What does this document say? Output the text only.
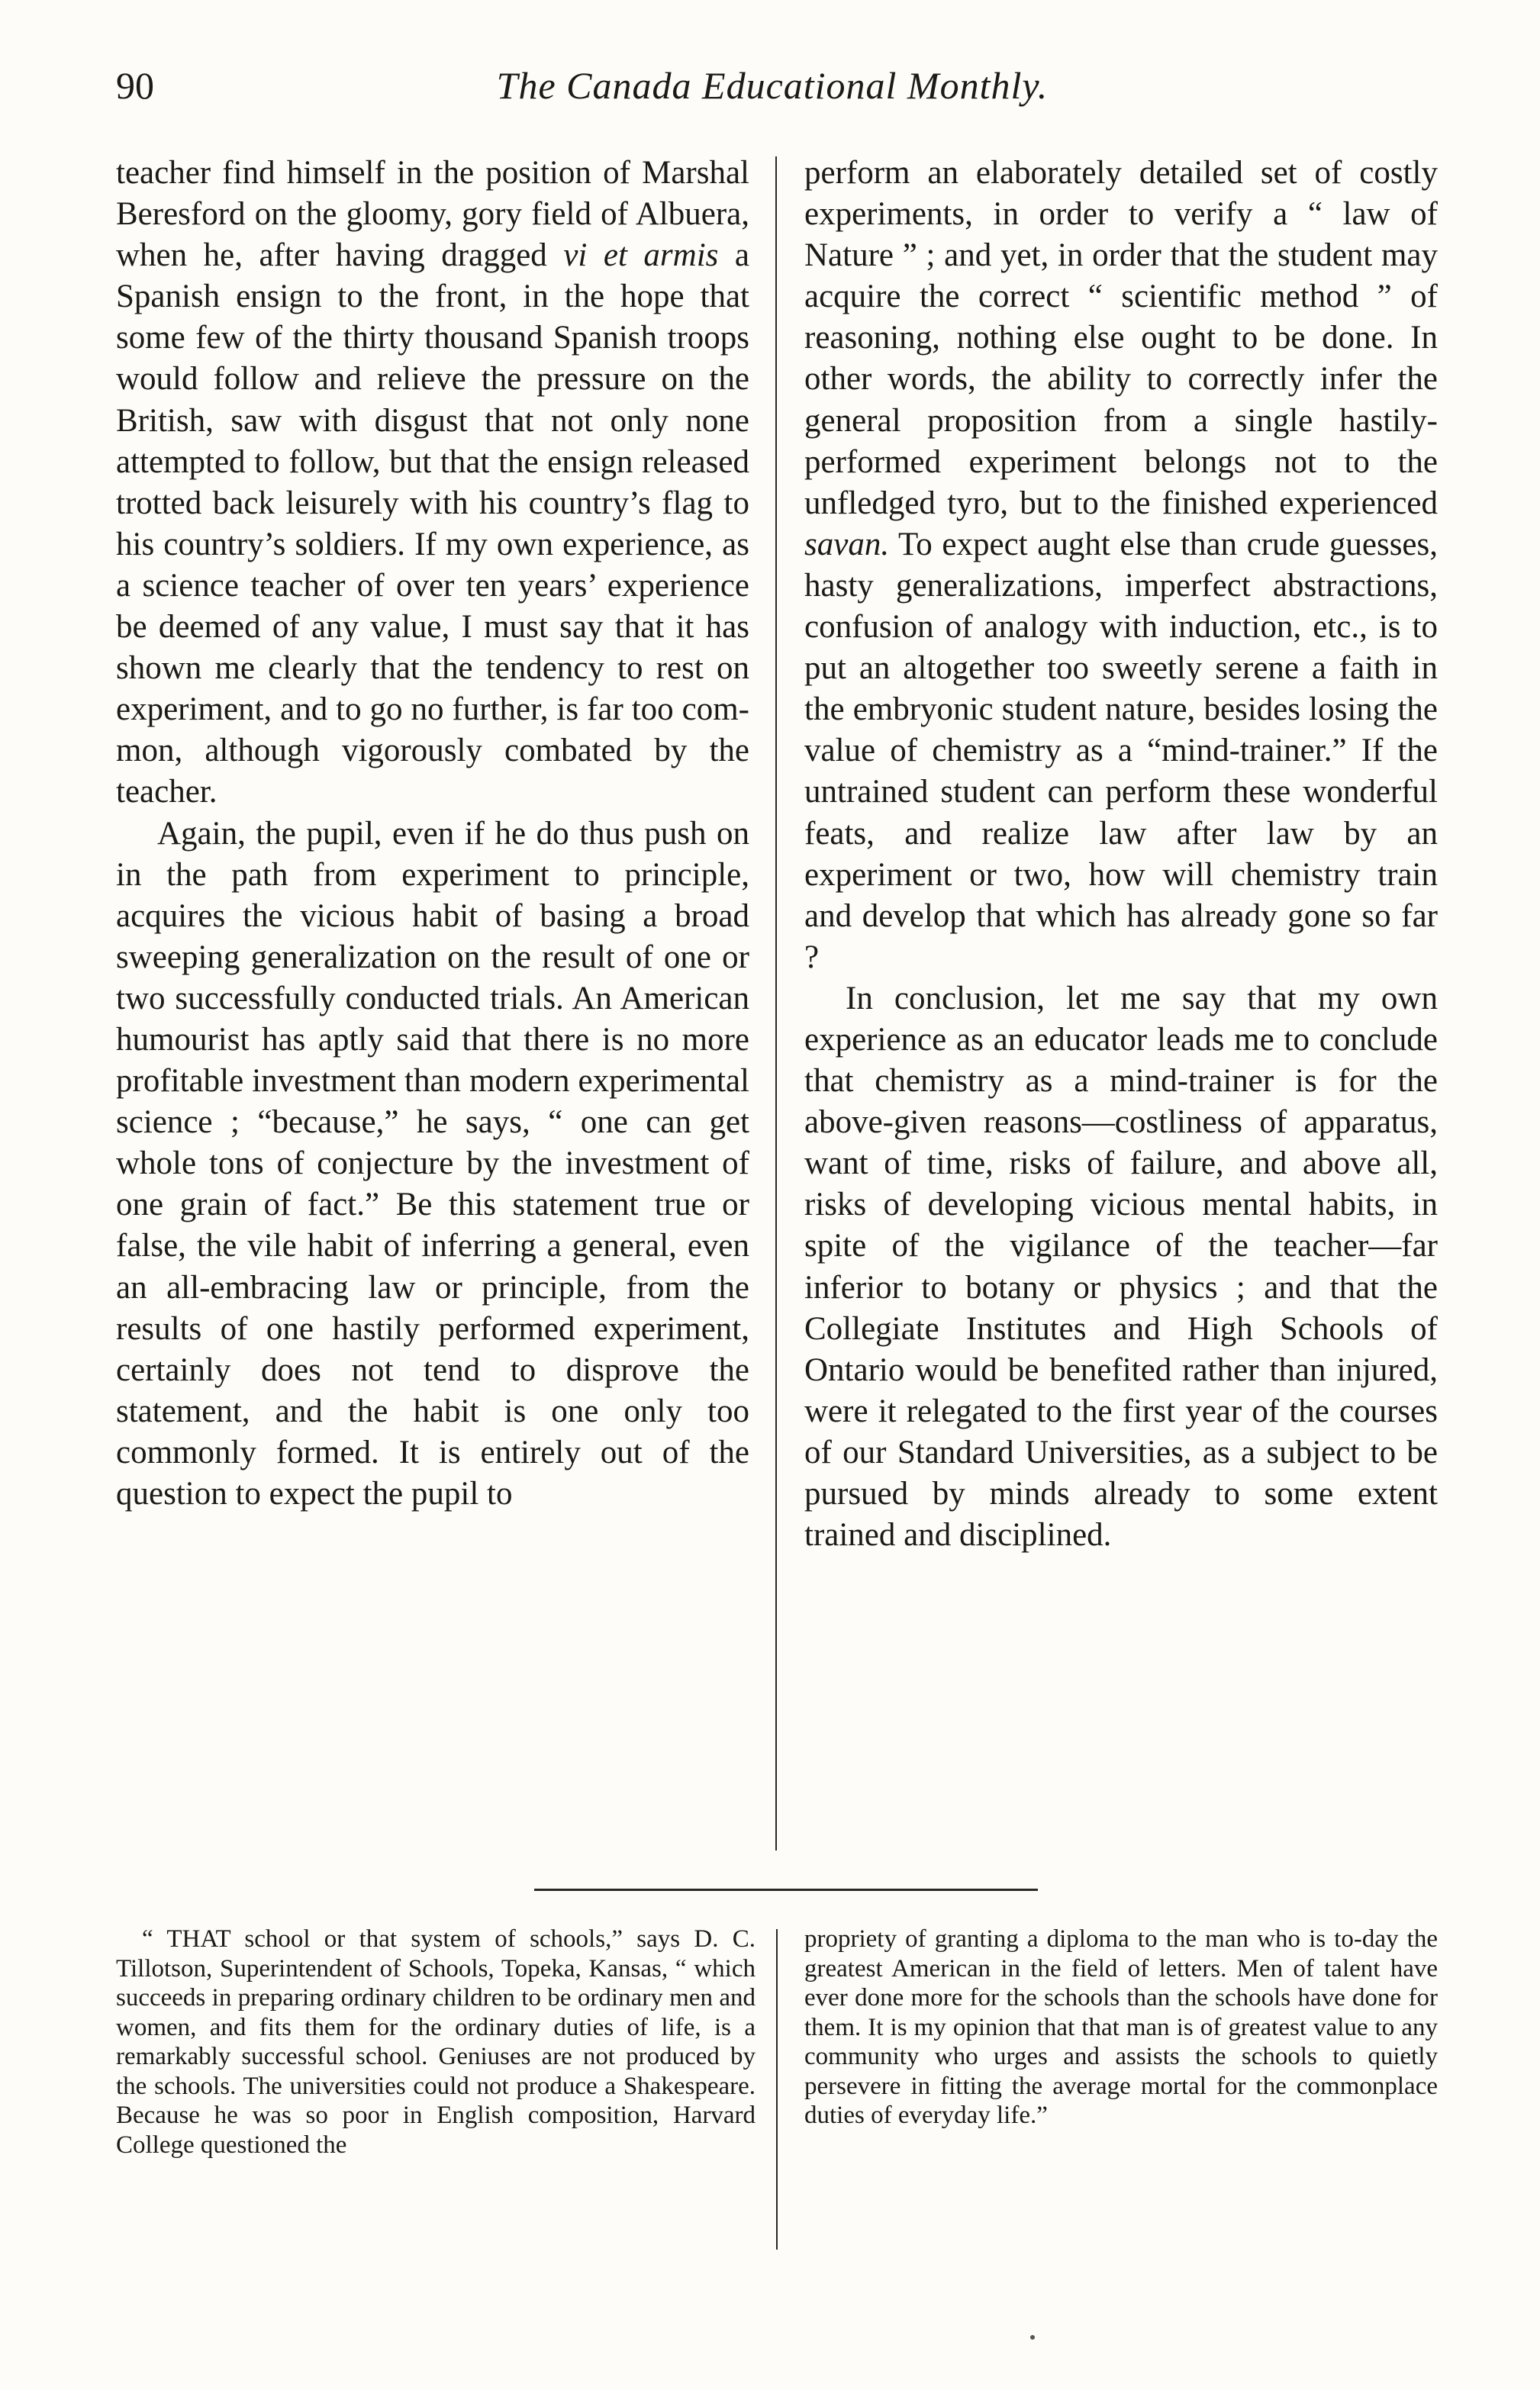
90	The Canada Educational Monthly.

teacher find himself in the position of Marshal Beresford on the gloomy, gory field of Albuera, when he, after having dragged vi et armis a Spanish ensign to the front, in the hope that some few of the thirty thousand Spanish troops would follow and relieve the pressure on the British, saw with disgust that not only none attempted to follow, but that the ensign released trotted back leisurely with his country’s flag to his country’s soldiers. If my own experience, as a science teacher of over ten years’ experience be deemed of any value, I must say that it has shown me clearly that the tendency to rest on experiment, and to go no further, is far too common, although vigorously combated by the teacher.

Again, the pupil, even if he do thus push on in the path from experiment to principle, acquires the vicious habit of basing a broad sweeping generalization on the result of one or two successfully conducted trials. An American humourist has aptly said that there is no more profitable investment than modern experimental science ; “because,” he says, “ one can get whole tons of conjecture by the investment of one grain of fact.” Be this statement true or false, the vile habit of inferring a general, even an all-embracing law or principle, from the results of one hastily performed experiment, certainly does not tend to disprove the statement, and the habit is one only too commonly formed. It is entirely out of the question to expect the pupil to

perform an elaborately detailed set of costly experiments, in order to verify a “ law of Nature ” ; and yet, in order that the student may acquire the correct “ scientific method ” of reasoning, nothing else ought to be done. In other words, the ability to correctly infer the general proposition from a single hastily-performed experiment belongs not to the unfledged tyro, but to the finished experienced savan. To expect aught else than crude guesses, hasty generalizations, imperfect abstractions, confusion of analogy with induction, etc., is to put an altogether too sweetly serene a faith in the embryonic student nature, besides losing the value of chemistry as a “mind-trainer.” If the untrained student can perform these wonderful feats, and realize law after law by an experiment or two, how will chemistry train and develop that which has already gone so far ?

In conclusion, let me say that my own experience as an educator leads me to conclude that chemistry as a mind-trainer is for the above-given reasons—costliness of apparatus, want of time, risks of failure, and above all, risks of developing vicious mental habits, in spite of the vigilance of the teacher—far inferior to botany or physics ; and that the Collegiate Institutes and High Schools of Ontario would be benefited rather than injured, were it relegated to the first year of the courses of our Standard Universities, as a subject to be pursued by minds already to some extent trained and disciplined.

“ THAT school or that system of schools,” says D. C. Tillotson, Superintendent of Schools, Topeka, Kansas, “ which succeeds in preparing ordinary children to be ordinary men and women, and fits them for the ordinary duties of life, is a remarkably successful school. Geniuses are not produced by the schools. The universities could not produce a Shakespeare. Because he was so poor in English composition, Harvard College questioned the

propriety of granting a diploma to the man who is to-day the greatest American in the field of letters. Men of talent have ever done more for the schools than the schools have done for them. It is my opinion that that man is of greatest value to any community who urges and assists the schools to quietly persevere in fitting the average mortal for the commonplace duties of everyday life.”
